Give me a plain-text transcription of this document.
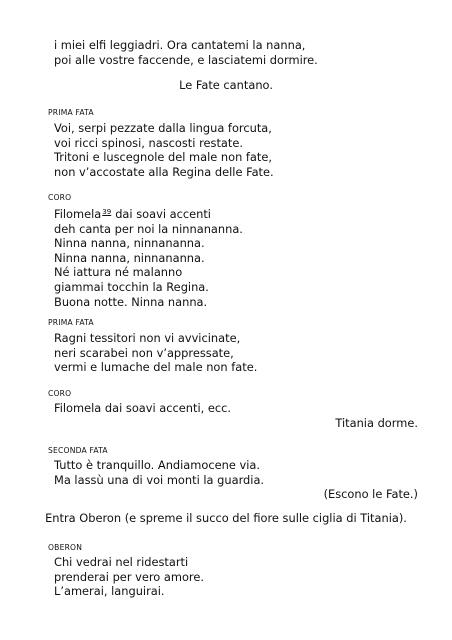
i miei elfi leggiadri. Ora cantatemi la nanna,
poi alle vostre faccende, e lasciatemi dormire.
Le Fate cantano.
PRIMA FATA
Voi, serpi pezzate dalla lingua forcuta,
voi ricci spinosi, nascosti restate.
Tritoni e luscegnole del male non fate,
non v’accostate alla Regina delle Fate.
CORO
Filomela$^{39}$ dai soavi accenti
deh canta per noi la ninnananna.
Ninna nanna, ninnananna.
Ninna nanna, ninnananna.
Né iattura né malanno
giammai tocchin la Regina.
Buona notte. Ninna nanna.
PRIMA FATA
Ragni tessitori non vi avvicinate,
neri scarabei non v’appressate,
vermi e lumache del male non fate.
CORO
Filomela dai soavi accenti, ecc.
Titania dorme.
SECONDA FATA
Tutto è tranquillo. Andiamocene via.
Ma lassù una di voi monti la guardia.
(Escono le Fate.)
Entra Oberon (e spreme il succo del fiore sulle ciglia di Titania).
OBERON
Chi vedrai nel ridestarti
prenderai per vero amore.
L’amerai, languirai.
